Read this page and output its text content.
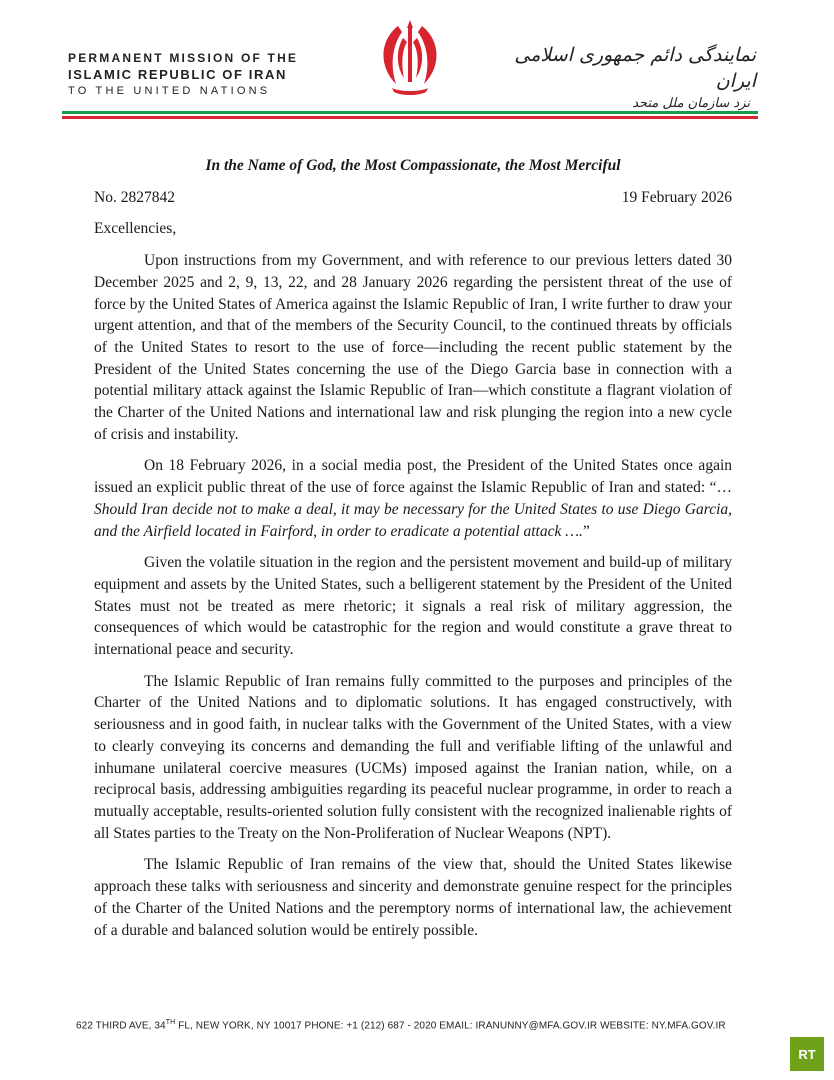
PERMANENT MISSION OF THE
ISLAMIC REPUBLIC OF IRAN
TO THE UNITED NATIONS
نمایندگی دائم جمهوری اسلامی ایران
نزد سازمان ملل متحد

In the Name of God, the Most Compassionate, the Most Merciful

No. 2827842	19 February 2026

Excellencies,

Upon instructions from my Government, and with reference to our previous letters dated 30 December 2025 and 2, 9, 13, 22, and 28 January 2026 regarding the persistent threat of the use of force by the United States of America against the Islamic Republic of Iran, I write further to draw your urgent attention, and that of the members of the Security Council, to the continued threats by officials of the United States to resort to the use of force—including the recent public statement by the President of the United States concerning the use of the Diego Garcia base in connection with a potential military attack against the Islamic Republic of Iran—which constitute a flagrant violation of the Charter of the United Nations and international law and risk plunging the region into a new cycle of crisis and instability.

On 18 February 2026, in a social media post, the President of the United States once again issued an explicit public threat of the use of force against the Islamic Republic of Iran and stated: “… Should Iran decide not to make a deal, it may be necessary for the United States to use Diego Garcia, and the Airfield located in Fairford, in order to eradicate a potential attack ….”

Given the volatile situation in the region and the persistent movement and build-up of military equipment and assets by the United States, such a belligerent statement by the President of the United States must not be treated as mere rhetoric; it signals a real risk of military aggression, the consequences of which would be catastrophic for the region and would constitute a grave threat to international peace and security.

The Islamic Republic of Iran remains fully committed to the purposes and principles of the Charter of the United Nations and to diplomatic solutions. It has engaged constructively, with seriousness and in good faith, in nuclear talks with the Government of the United States, with a view to clearly conveying its concerns and demanding the full and verifiable lifting of the unlawful and inhumane unilateral coercive measures (UCMs) imposed against the Iranian nation, while, on a reciprocal basis, addressing ambiguities regarding its peaceful nuclear programme, in order to reach a mutually acceptable, results-oriented solution fully consistent with the recognized inalienable rights of all States parties to the Treaty on the Non-Proliferation of Nuclear Weapons (NPT).

The Islamic Republic of Iran remains of the view that, should the United States likewise approach these talks with seriousness and sincerity and demonstrate genuine respect for the principles of the Charter of the United Nations and the peremptory norms of international law, the achievement of a durable and balanced solution would be entirely possible.

622 THIRD AVE, 34TH FL, NEW YORK, NY 10017 PHONE: +1 (212) 687 - 2020 EMAIL: IRANUNNY@MFA.GOV.IR WEBSITE: NY.MFA.GOV.IR
RT
